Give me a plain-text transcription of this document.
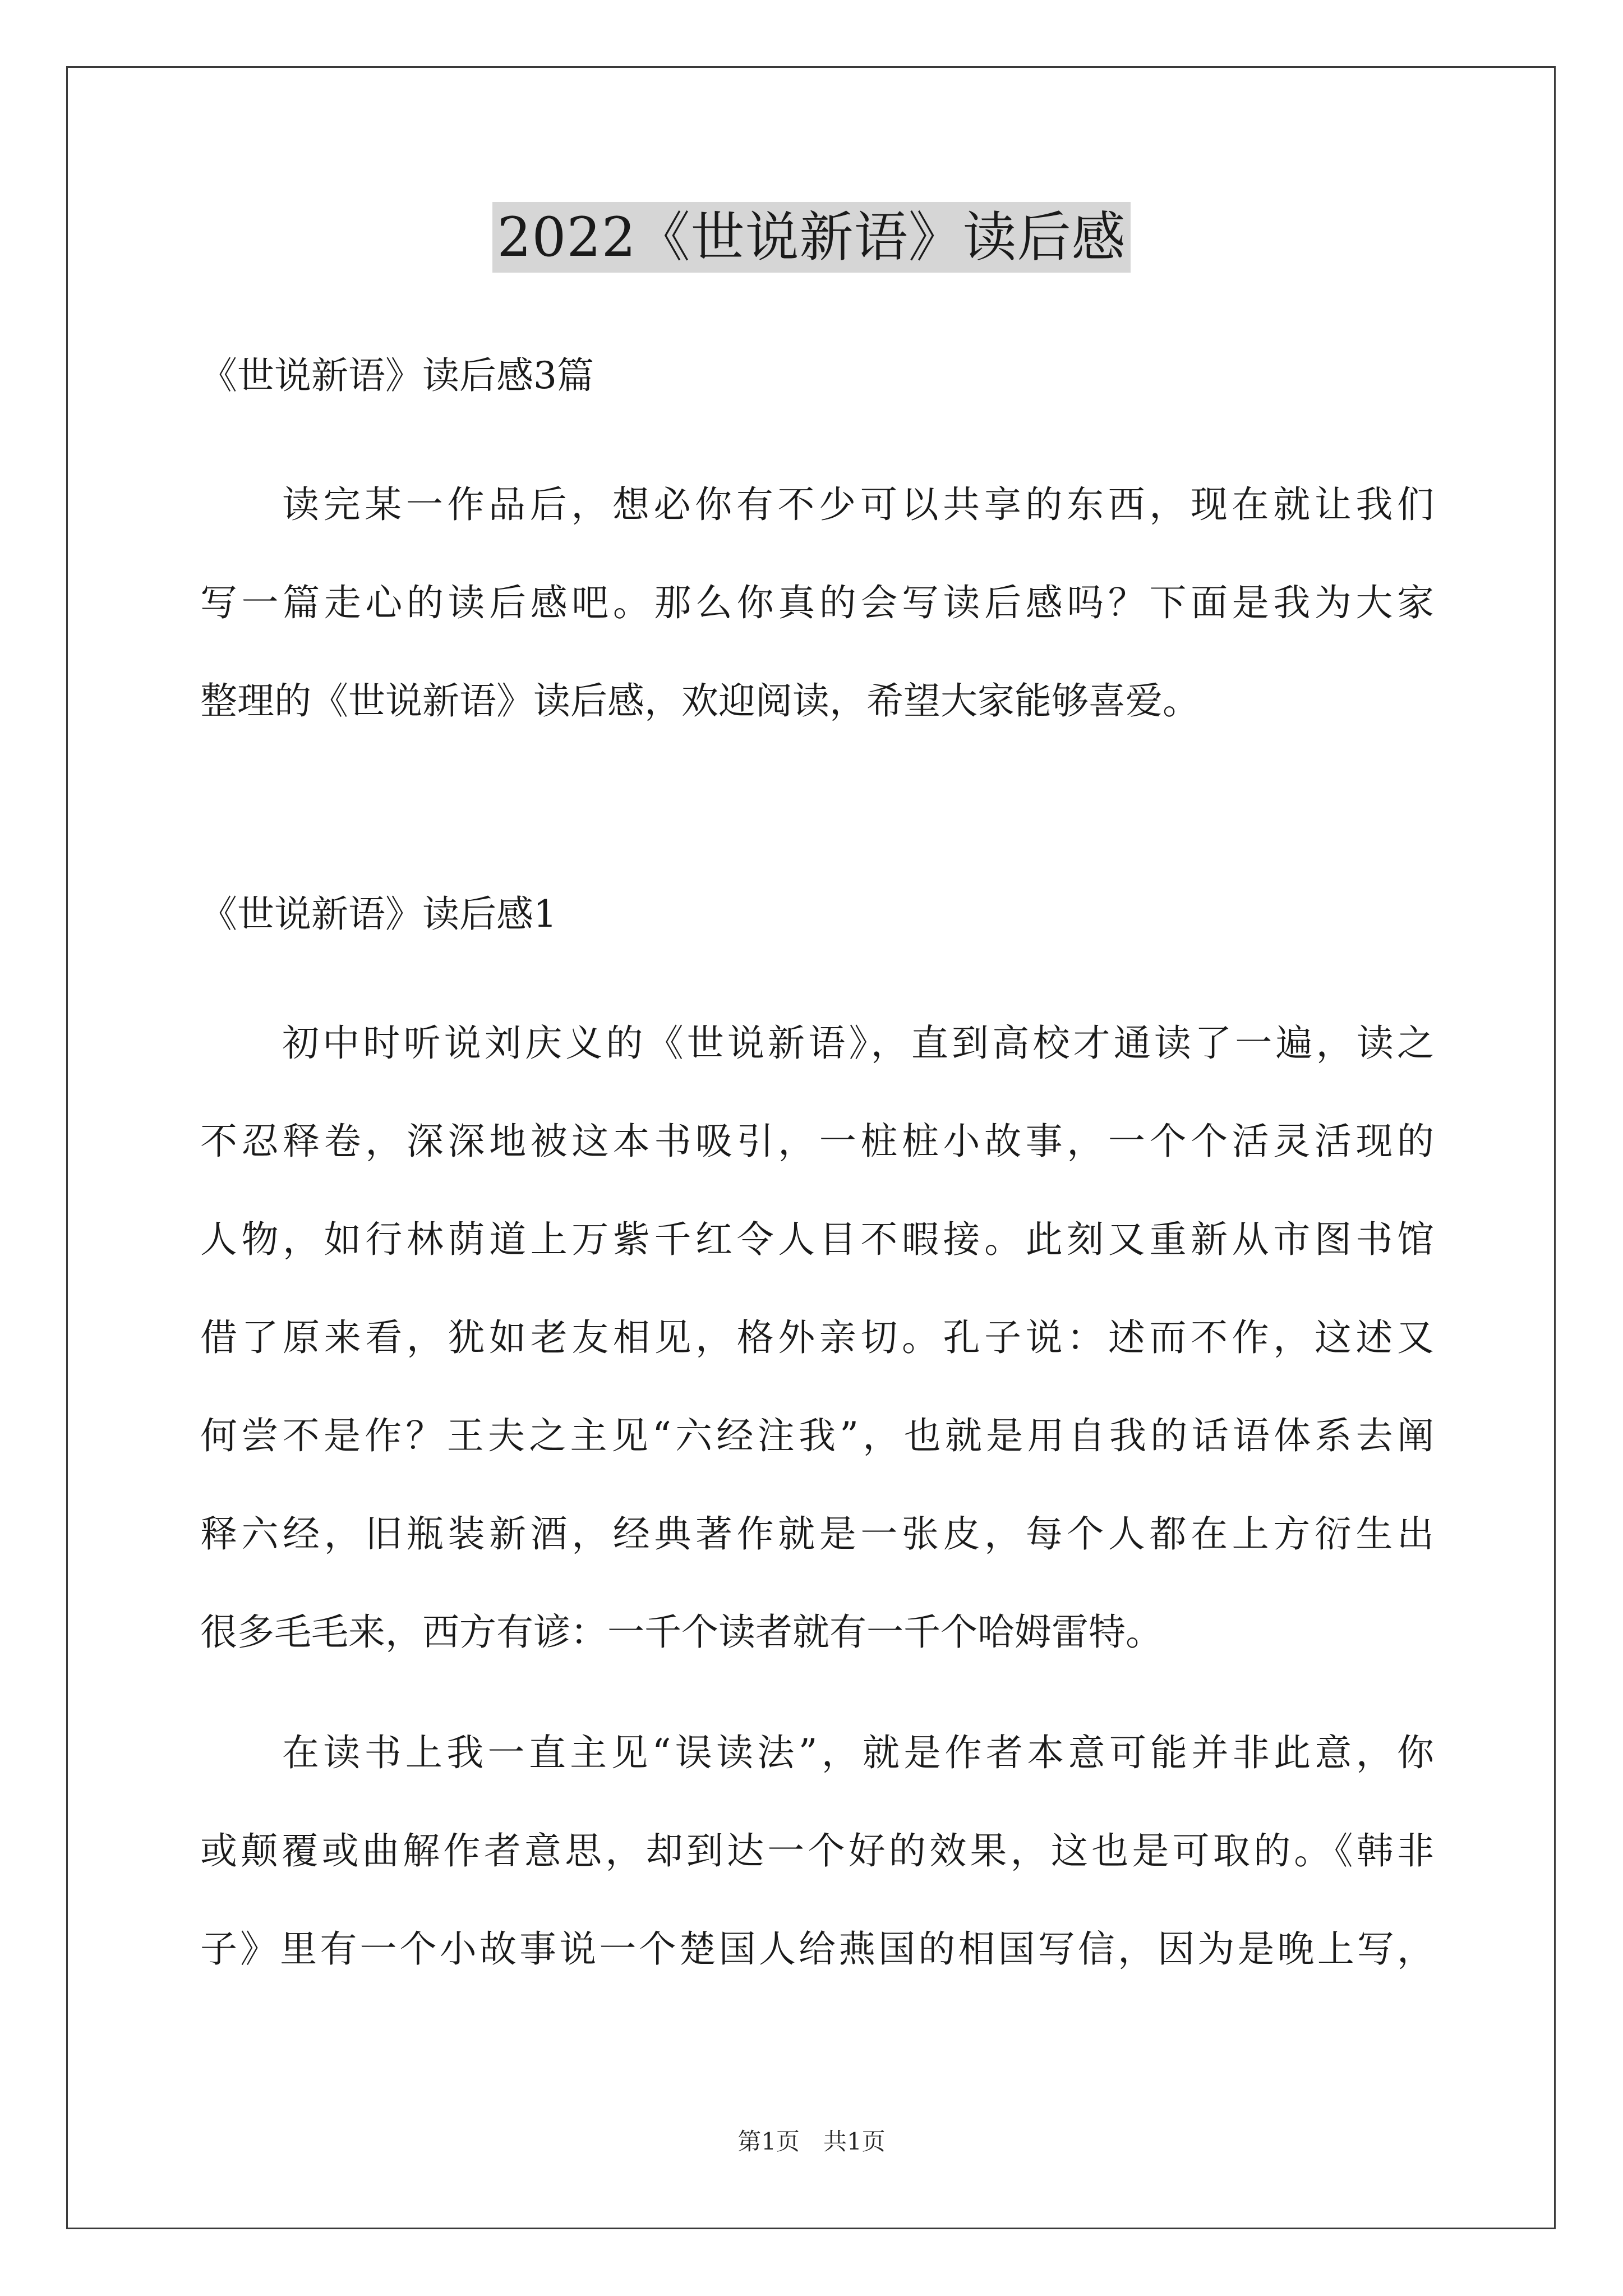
2022《世说新语》读后感
《世说新语》读后感3篇
读完某一作品后，想必你有不少可以共享的东西，现在就让我们
写一篇走心的读后感吧。那么你真的会写读后感吗？下面是我为大家
整理的《世说新语》读后感，欢迎阅读，希望大家能够喜爱。
《世说新语》读后感1
初中时听说刘庆义的《世说新语》，直到高校才通读了一遍，读之
不忍释卷，深深地被这本书吸引，一桩桩小故事，一个个活灵活现的
人物，如行林荫道上万紫千红令人目不暇接。此刻又重新从市图书馆
借了原来看，犹如老友相见，格外亲切。孔子说：述而不作，这述又
何尝不是作？王夫之主见“六经注我”，也就是用自我的话语体系去阐
释六经，旧瓶装新酒，经典著作就是一张皮，每个人都在上方衍生出
很多毛毛来，西方有谚：一千个读者就有一千个哈姆雷特。
在读书上我一直主见“误读法”，就是作者本意可能并非此意，你
或颠覆或曲解作者意思，却到达一个好的效果，这也是可取的。《韩非
子》里有一个小故事说一个楚国人给燕国的相国写信，因为是晚上写，
第1页　共1页
